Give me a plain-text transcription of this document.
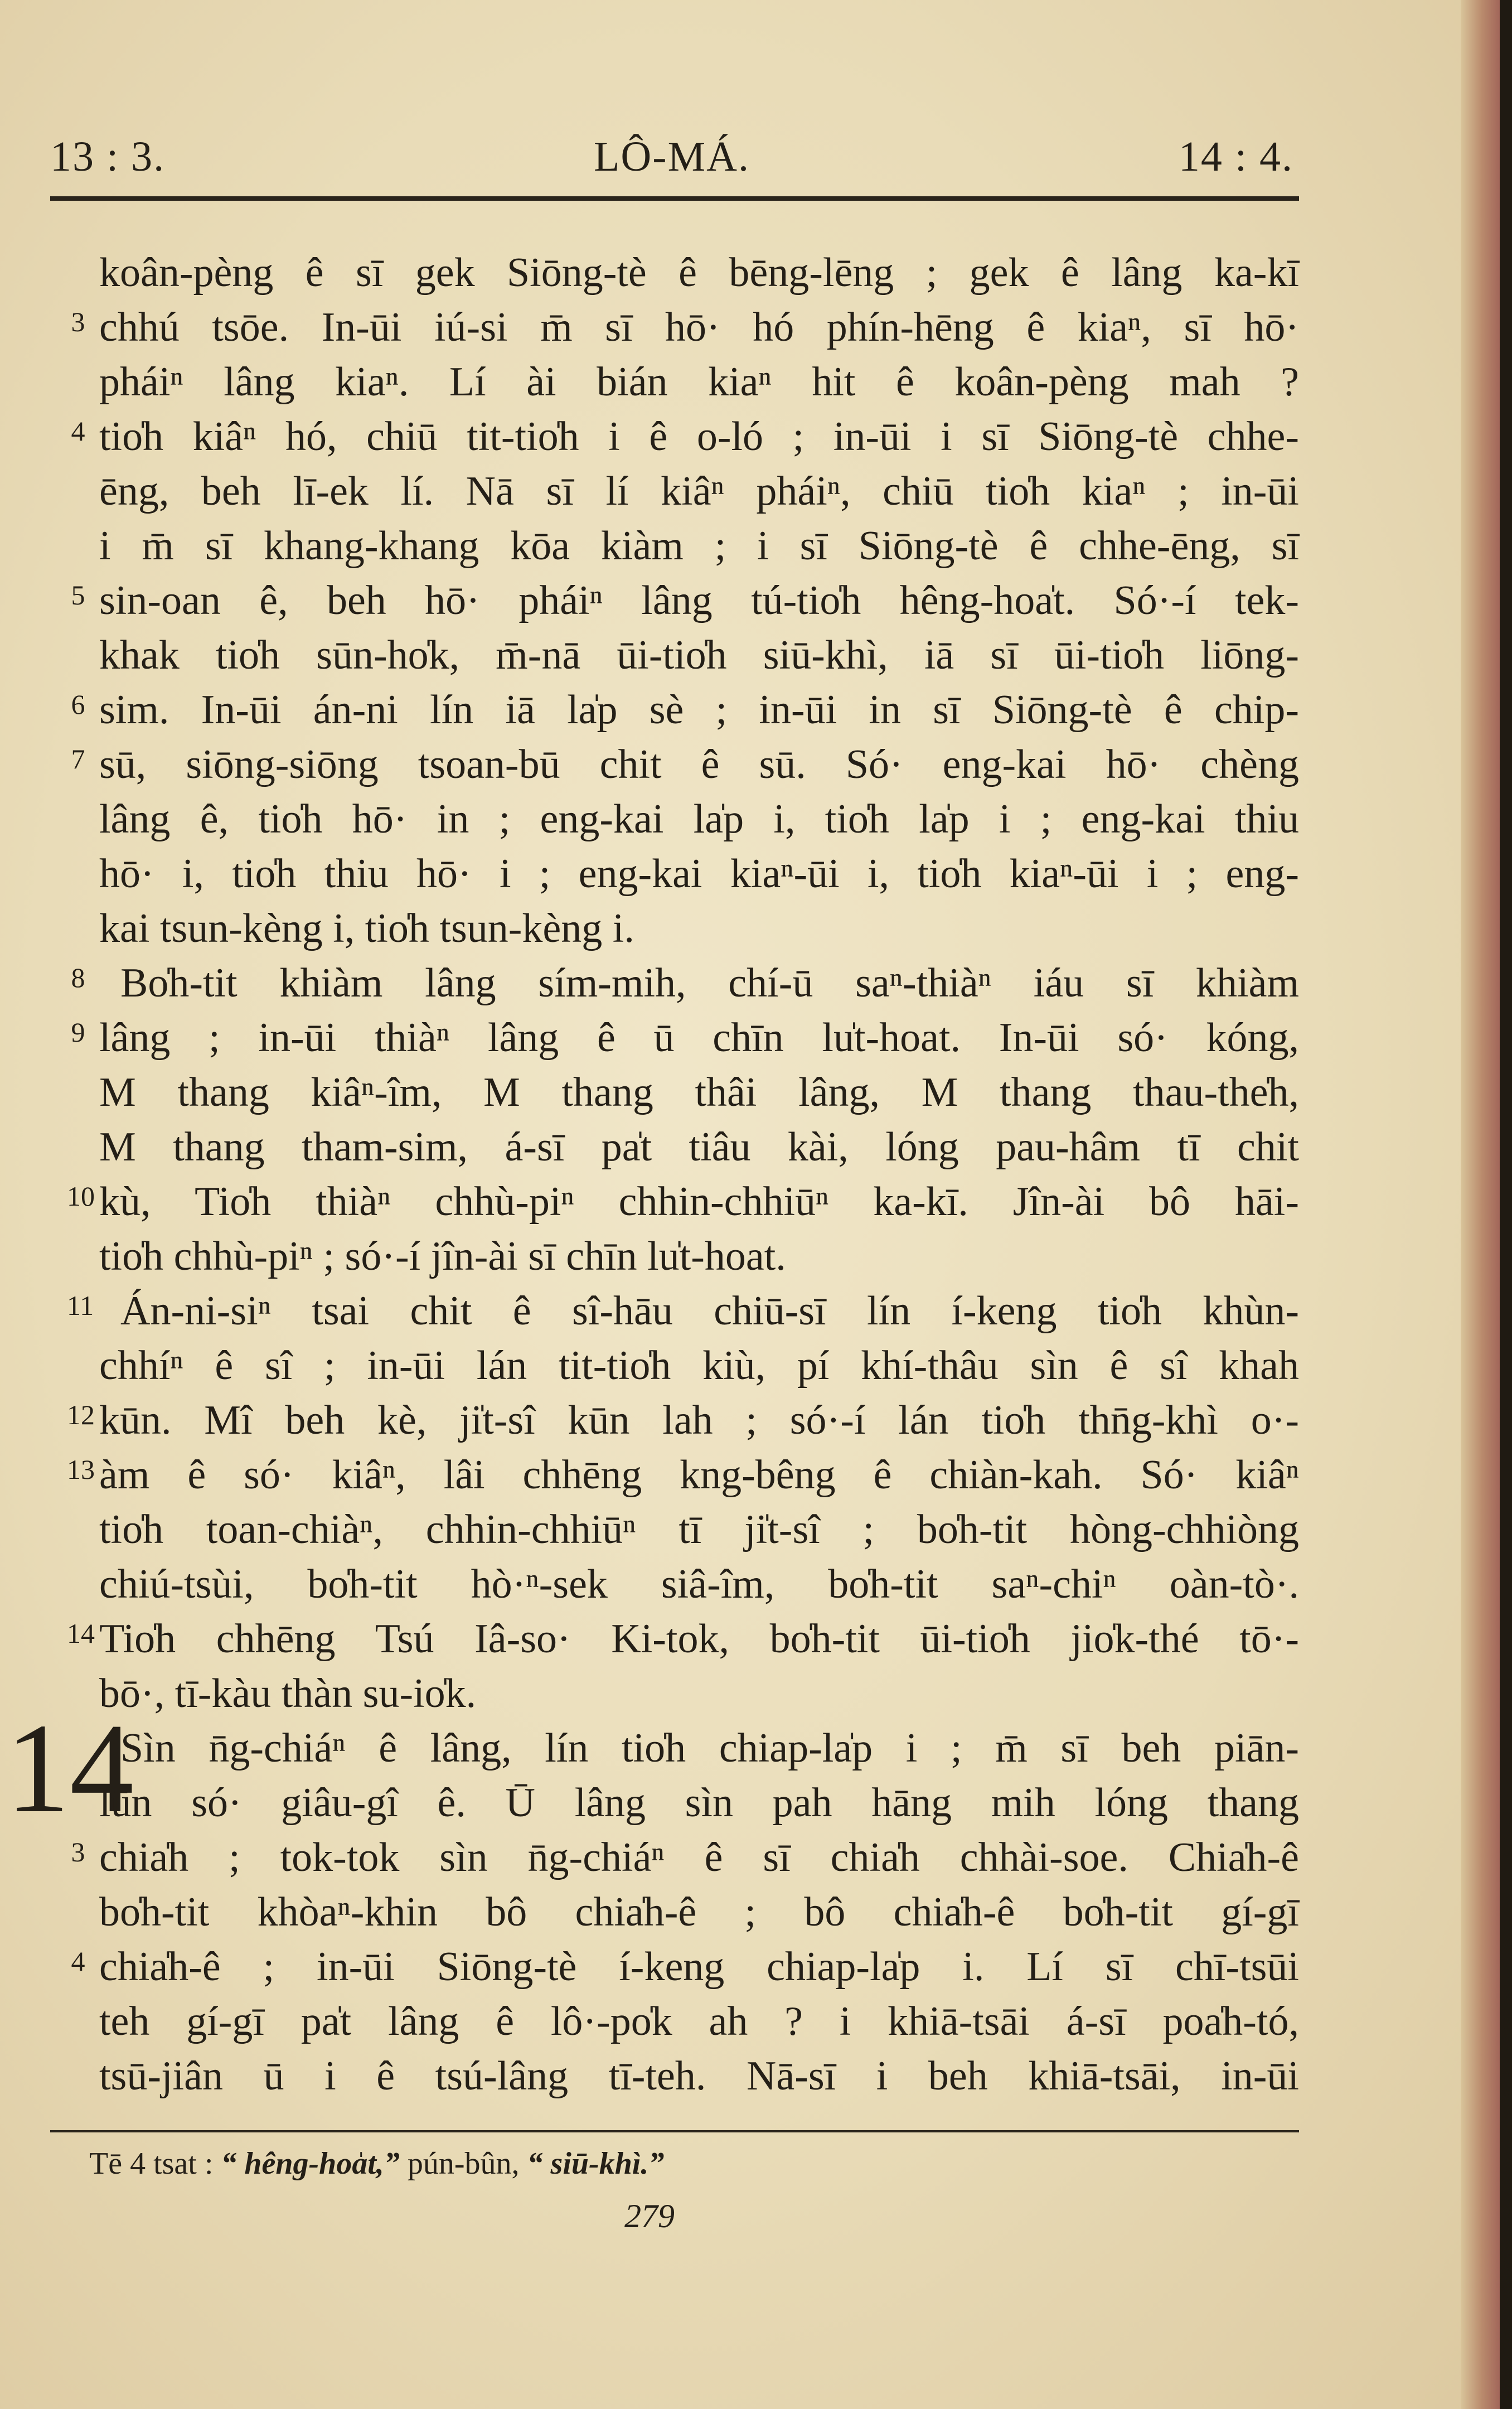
13 : 3.	LÔ-MÁ.	14 : 4.
koân-pèng ê sī gek Siōng-tè ê bēng-lēng ; gek ê lâng ka-kī
3 chhú tsōe. In-ūi iú-si m̄ sī hō· hó phín-hēng ê kiaⁿ, sī hō·
pháiⁿ lâng kiaⁿ. Lí ài bián kiaⁿ hit ê koân-pèng mah ?
4 tio̍h kiâⁿ hó, chiū tit-tio̍h i ê o-ló ; in-ūi i sī Siōng-tè chhe-
ēng, beh lī-ek lí. Nā sī lí kiâⁿ pháiⁿ, chiū tio̍h kiaⁿ ; in-ūi
i m̄ sī khang-khang kōa kiàm ; i sī Siōng-tè ê chhe-ēng, sī
5 sin-oan ê, beh hō· pháiⁿ lâng tú-tio̍h hêng-hoa̍t. Só·-í tek-
khak tio̍h sūn-ho̍k, m̄-nā ūi-tio̍h siū-khì, iā sī ūi-tio̍h liōng-
6 sim. In-ūi án-ni lín iā la̍p sè ; in-ūi in sī Siōng-tè ê chip-
7 sū, siōng-siōng tsoan-bū chit ê sū. Só· eng-kai hō· chèng
lâng ê, tio̍h hō· in ; eng-kai la̍p i, tio̍h la̍p i ; eng-kai thiu
hō· i, tio̍h thiu hō· i ; eng-kai kiaⁿ-ūi i, tio̍h kiaⁿ-ūi i ; eng-
kai tsun-kèng i, tio̍h tsun-kèng i.
8 Bo̍h-tit khiàm lâng sím-mih, chí-ū saⁿ-thiàⁿ iáu sī khiàm
9 lâng ; in-ūi thiàⁿ lâng ê ū chīn lu̍t-hoat. In-ūi só· kóng,
M thang kiâⁿ-îm, M thang thâi lâng, M thang thau-the̍h,
M thang tham-sim, á-sī pa̍t tiâu kài, lóng pau-hâm tī chit
10 kù, Tio̍h thiàⁿ chhù-piⁿ chhin-chhiūⁿ ka-kī. Jîn-ài bô hāi-
tio̍h chhù-piⁿ ; só·-í jîn-ài sī chīn lu̍t-hoat.
11 Án-ni-siⁿ tsai chit ê sî-hāu chiū-sī lín í-keng tio̍h khùn-
chhíⁿ ê sî ; in-ūi lán tit-tio̍h kiù, pí khí-thâu sìn ê sî khah
12 kūn. Mî beh kè, ji̍t-sî kūn lah ; só·-í lán tio̍h thn̄g-khì o·-
13 àm ê só· kiâⁿ, lâi chhēng kng-bêng ê chiàn-kah. Só· kiâⁿ
tio̍h toan-chiàⁿ, chhin-chhiūⁿ tī ji̍t-sî ; bo̍h-tit hòng-chhiòng
chiú-tsùi, bo̍h-tit hò·ⁿ-sek siâ-îm, bo̍h-tit saⁿ-chiⁿ oàn-tò·.
14 Tio̍h chhēng Tsú Iâ-so· Ki-tok, bo̍h-tit ūi-tio̍h jio̍k-thé tō·-
bō·, tī-kàu thàn su-io̍k.
Sìn n̄g-chiáⁿ ê lâng, lín tio̍h chiap-la̍p i ; m̄ sī beh piān-
14
lūn só· giâu-gî ê. Ū lâng sìn pah hāng mih lóng thang
3 chia̍h ; tok-tok sìn n̄g-chiáⁿ ê sī chia̍h chhài-soe. Chia̍h-ê
bo̍h-tit khòaⁿ-khin bô chia̍h-ê ; bô chia̍h-ê bo̍h-tit gí-gī
4 chia̍h-ê ; in-ūi Siōng-tè í-keng chiap-la̍p i. Lí sī chī-tsūi
teh gí-gī pa̍t lâng ê lô·-po̍k ah ? i khiā-tsāi á-sī poa̍h-tó,
tsū-jiân ū i ê tsú-lâng tī-teh. Nā-sī i beh khiā-tsāi, in-ūi
Tē 4 tsat : “ hêng-hoa̍t,” pún-bûn, “ siū-khì.”
279
